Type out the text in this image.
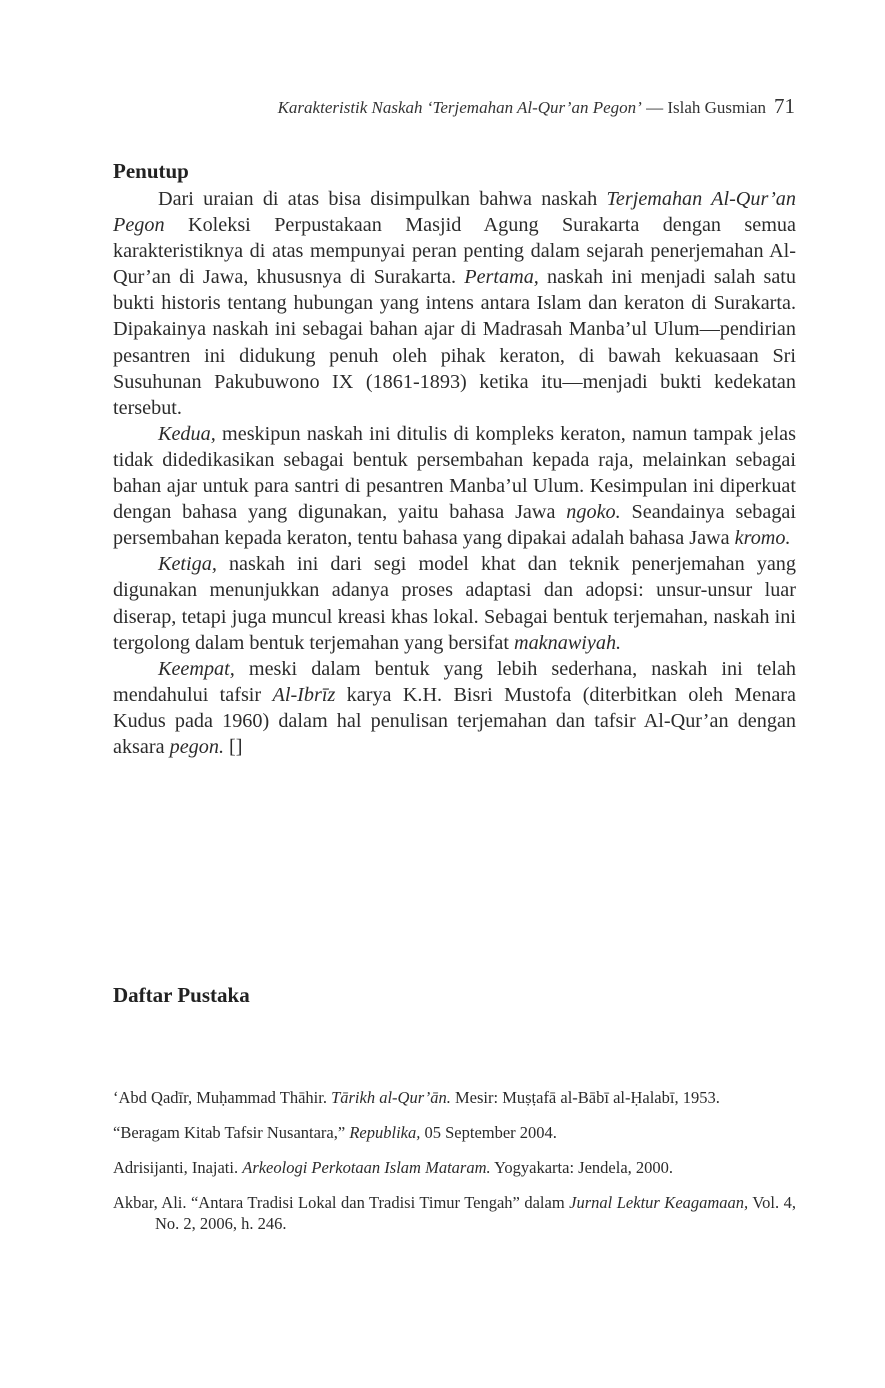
Karakteristik Naskah ‘Terjemahan Al-Qur’an Pegon’ — Islah Gusmian 71
Penutup

Dari uraian di atas bisa disimpulkan bahwa naskah Terjemahan Al-Qur’an Pegon Koleksi Perpustakaan Masjid Agung Surakarta dengan semua karakteristiknya di atas mempunyai peran penting dalam sejarah penerjemahan Al-Qur’an di Jawa, khususnya di Surakarta. Pertama, naskah ini menjadi salah satu bukti historis tentang hubungan yang intens antara Islam dan keraton di Surakarta. Dipakainya naskah ini sebagai bahan ajar di Madrasah Manba’ul Ulum—pendirian pesantren ini didukung penuh oleh pihak keraton, di bawah kekuasaan Sri Susuhunan Pakubuwono IX (1861-1893) ketika itu—menjadi bukti kedekatan tersebut.

Kedua, meskipun naskah ini ditulis di kompleks keraton, namun tampak jelas tidak didedikasikan sebagai bentuk persembahan kepada raja, melainkan sebagai bahan ajar untuk para santri di pesantren Manba’ul Ulum. Kesimpulan ini diperkuat dengan bahasa yang digunakan, yaitu bahasa Jawa ngoko. Seandainya sebagai persembahan kepada keraton, tentu bahasa yang dipakai adalah bahasa Jawa kromo.

Ketiga, naskah ini dari segi model khat dan teknik penerjemahan yang digunakan menunjukkan adanya proses adaptasi dan adopsi: unsur-unsur luar diserap, tetapi juga muncul kreasi khas lokal. Sebagai bentuk terjemahan, naskah ini tergolong dalam bentuk terjemahan yang bersifat maknawiyah.

Keempat, meski dalam bentuk yang lebih sederhana, naskah ini telah mendahului tafsir Al-Ibrīz karya K.H. Bisri Mustofa (diterbitkan oleh Menara Kudus pada 1960) dalam hal penulisan terjemahan dan tafsir Al-Qur’an dengan aksara pegon. []

Daftar Pustaka

‘Abd Qadīr, Muḥammad Thāhir. Tārikh al-Qur’ān. Mesir: Muṣṭafā al-Bābī al-Ḥalabī, 1953.

“Beragam Kitab Tafsir Nusantara,” Republika, 05 September 2004.

Adrisijanti, Inajati. Arkeologi Perkotaan Islam Mataram. Yogyakarta: Jendela, 2000.

Akbar, Ali. “Antara Tradisi Lokal dan Tradisi Timur Tengah” dalam Jurnal Lektur Keagamaan, Vol. 4, No. 2, 2006, h. 246.
